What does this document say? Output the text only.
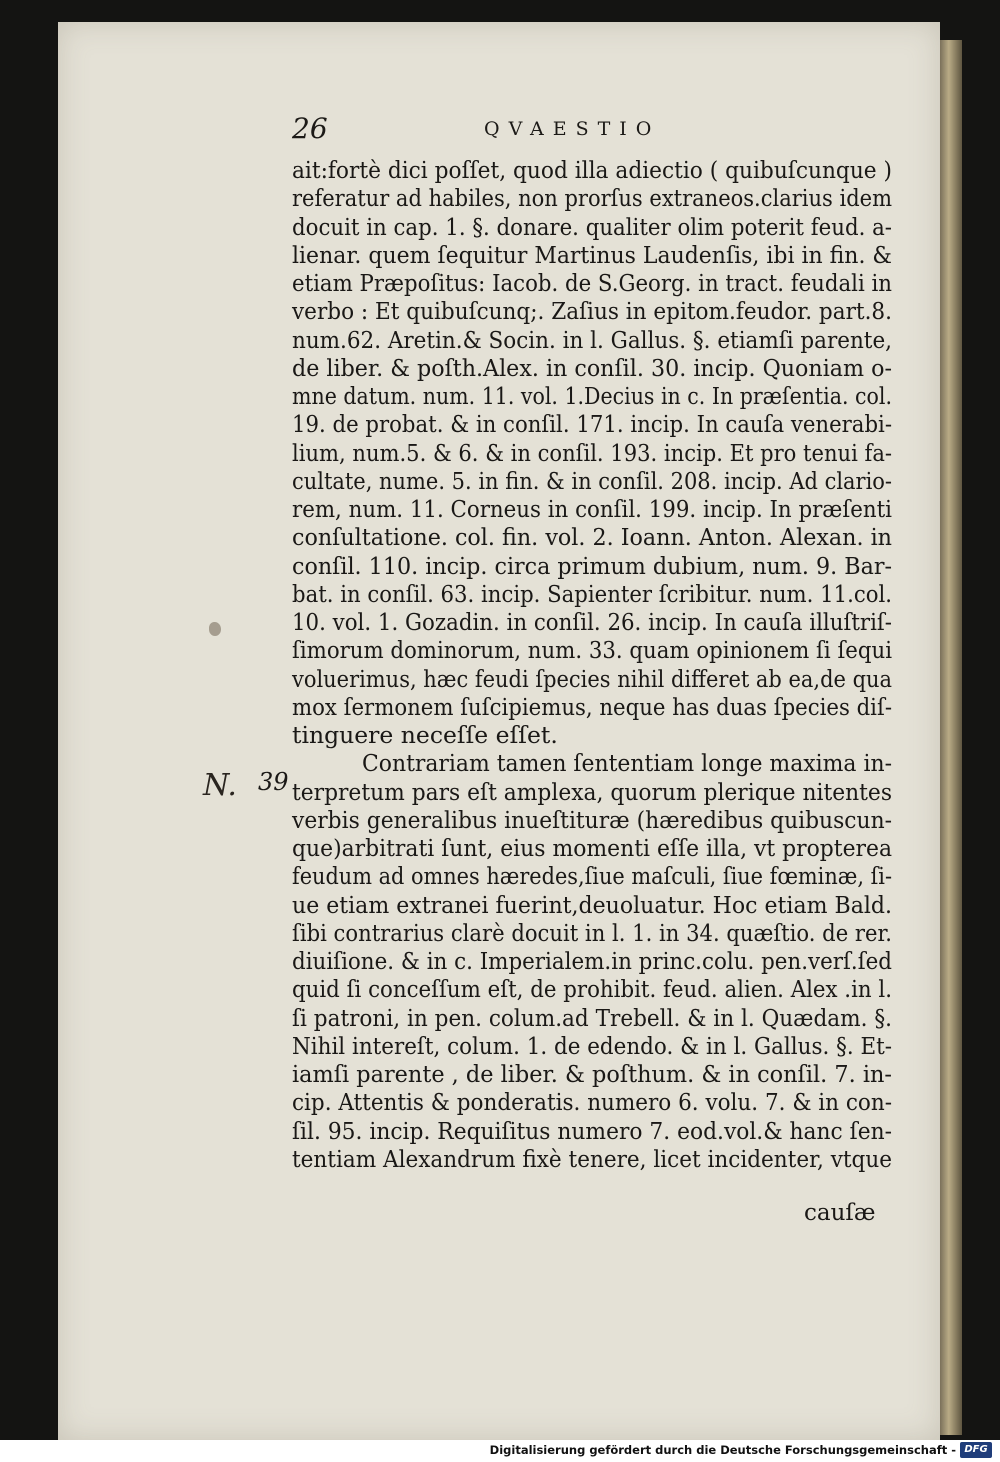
26	QVAESTIO
N. 39
ait:fortè dici poſſet, quod illa adiectio ( quibuſcunque )
referatur ad habiles, non prorſus extraneos.clarius idem
docuit in cap. 1. §. donare. qualiter olim poterit feud. a-
lienar. quem ſequitur Martinus Laudenſis, ibi in fin. &
etiam Præpoſitus: Iacob. de S.Georg. in tract. feudali in
verbo : Et quibuſcunq;. Zaſius in epitom.feudor. part.8.
num.62. Aretin.& Socin. in l. Gallus. §. etiamſi parente,
de liber. & poſth.Alex. in conſil. 30. incip. Quoniam o-
mne datum. num. 11. vol. 1.Decius in c. In præſentia. col.
19. de probat. & in conſil. 171. incip. In cauſa venerabi-
lium, num.5. & 6. & in conſil. 193. incip. Et pro tenui fa-
cultate, nume. 5. in fin. & in conſil. 208. incip. Ad clario-
rem, num. 11. Corneus in conſil. 199. incip. In præſenti
conſultatione. col. fin. vol. 2. Ioann. Anton. Alexan. in
conſil. 110. incip. circa primum dubium, num. 9. Bar-
bat. in conſil. 63. incip. Sapienter ſcribitur. num. 11.col.
10. vol. 1. Gozadin. in conſil. 26. incip. In cauſa illuſtriſ-
ſimorum dominorum, num. 33. quam opinionem ſi ſequi
voluerimus, hæc feudi ſpecies nihil differet ab ea,de qua
mox ſermonem ſuſcipiemus, neque has duas ſpecies diſ-
tinguere neceſſe eſſet.
Contrariam tamen ſententiam longe maxima in-
terpretum pars eſt amplexa, quorum plerique nitentes
verbis generalibus inueſtituræ (hæredibus quibuscun-
que)arbitrati ſunt, eius momenti eſſe illa, vt propterea
feudum ad omnes hæredes,ſiue maſculi, ſiue fœminæ, ſi-
ue etiam extranei fuerint,deuoluatur. Hoc etiam Bald.
ſibi contrarius clarè docuit in l. 1. in 34. quæſtio. de rer.
diuiſione. & in c. Imperialem.in princ.colu. pen.verſ.ſed
quid ſi conceſſum eſt, de prohibit. feud. alien. Alex .in l.
ſi patroni, in pen. colum.ad Trebell. & in l. Quædam. §.
Nihil intereſt, colum. 1. de edendo. & in l. Gallus. §. Et-
iamſi parente , de liber. & poſthum. & in conſil. 7. in-
cip. Attentis & ponderatis. numero 6. volu. 7. & in con-
ſil. 95. incip. Requiſitus numero 7. eod.vol.& hanc ſen-
tentiam Alexandrum fixè tenere, licet incidenter, vtque
cauſæ
Digitalisierung gefördert durch die Deutsche Forschungsgemeinschaft - DFG
